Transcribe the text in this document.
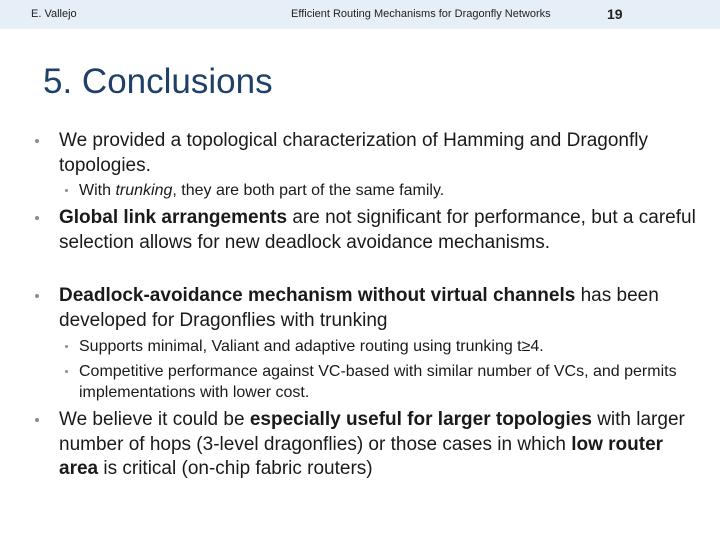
E. Vallejo	Efficient Routing Mechanisms for Dragonfly Networks	19
5. Conclusions
We provided a topological characterization of Hamming and Dragonfly topologies.
With trunking, they are both part of the same family.
Global link arrangements are not significant for performance, but a careful selection allows for new deadlock avoidance mechanisms.
Deadlock-avoidance mechanism without virtual channels has been developed for Dragonflies with trunking
Supports minimal, Valiant and adaptive routing using trunking t≥4.
Competitive performance against VC-based with similar number of VCs, and permits implementations with lower cost.
We believe it could be especially useful for larger topologies with larger number of hops (3-level dragonflies) or those cases in which low router area is critical (on-chip fabric routers)
